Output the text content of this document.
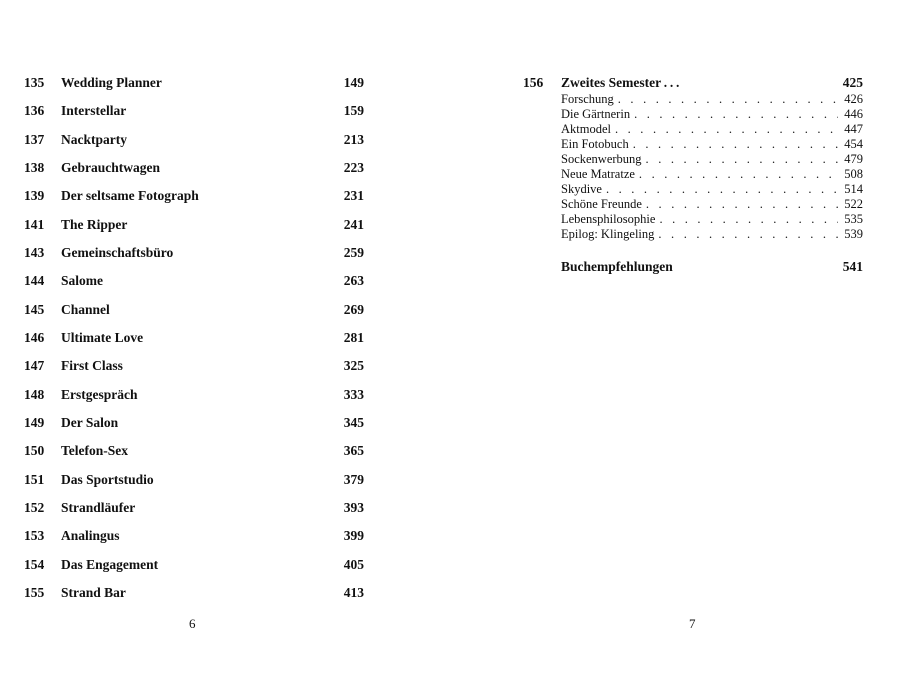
135	Wedding Planner	149
136	Interstellar	159
137	Nacktparty	213
138	Gebrauchtwagen	223
139	Der seltsame Fotograph	231
141	The Ripper	241
143	Gemeinschaftsbüro	259
144	Salome	263
145	Channel	269
146	Ultimate Love	281
147	First Class	325
148	Erstgespräch	333
149	Der Salon	345
150	Telefon-Sex	365
151	Das Sportstudio	379
152	Strandläufer	393
153	Analingus	399
154	Das Engagement	405
155	Strand Bar	413
6
156 Zweites Semester . . .	425
Forschung . . .	426
Die Gärtnerin . . .	446
Aktmodel . . .	447
Ein Fotobuch . . .	454
Sockenwerbung . . .	479
Neue Matratze . . .	508
Skydive . . .	514
Schöne Freunde . . .	522
Lebensphilosophie . . .	535
Epilog: Klingeling . . .	539
Buchempfehlungen	541
7
